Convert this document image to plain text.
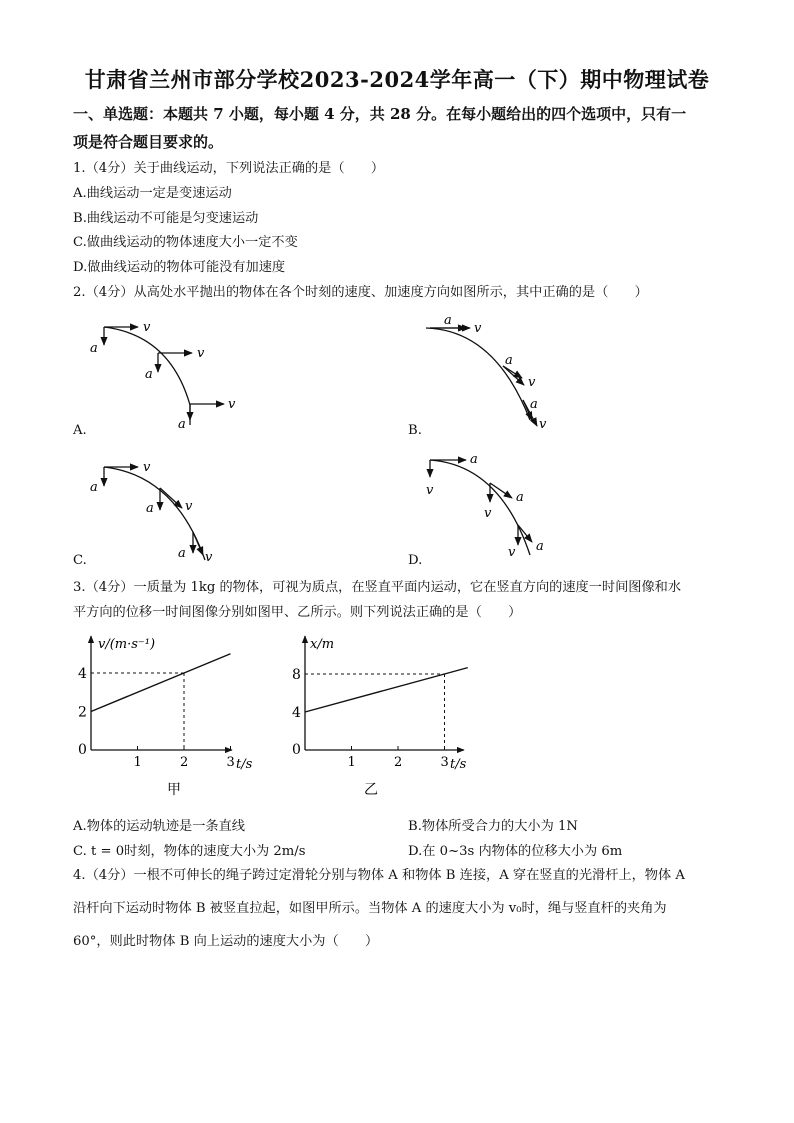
甘肃省兰州市部分学校2023-2024学年高一（下）期中物理试卷
一、单选题：本题共 7 小题，每小题 4 分，共 28 分。在每小题给出的四个选项中，只有一
项是符合题目要求的。
1.（4分）关于曲线运动，下列说法正确的是（　　）
A.曲线运动一定是变速运动
B.曲线运动不可能是匀变速运动
C.做曲线运动的物体速度大小一定不变
D.做曲线运动的物体可能没有加速度
2.（4分）从高处水平抛出的物体在各个时刻的速度、加速度方向如图所示，其中正确的是（　　）
v
a	v
a
v
a
a
v
a
v
a
v
v
a
v
a
v
a
a
v	a
v
a
v
A.	B.
C.	D.
3.（4分）一质量为 1kg 的物体，可视为质点，在竖直平面内运动，它在竖直方向的速度一时间图像和水
平方向的位移一时间图像分别如图甲、乙所示。则下列说法正确的是（　　）
1	2	3
2
4
0
v/(m·s⁻¹)
t/s
甲
1	2	3
4
8
0
x/m
t/s
乙
A.物体的运动轨迹是一条直线	B.物体所受合力的大小为 1N
C. t = 0时刻，物体的速度大小为 2m/s	D.在 0~3s 内物体的位移大小为 6m
4.（4分）一根不可伸长的绳子跨过定滑轮分别与物体 A 和物体 B 连接，A 穿在竖直的光滑杆上，物体 A
沿杆向下运动时物体 B 被竖直拉起，如图甲所示。当物体 A 的速度大小为 v₀时，绳与竖直杆的夹角为
60°，则此时物体 B 向上运动的速度大小为（　　）
